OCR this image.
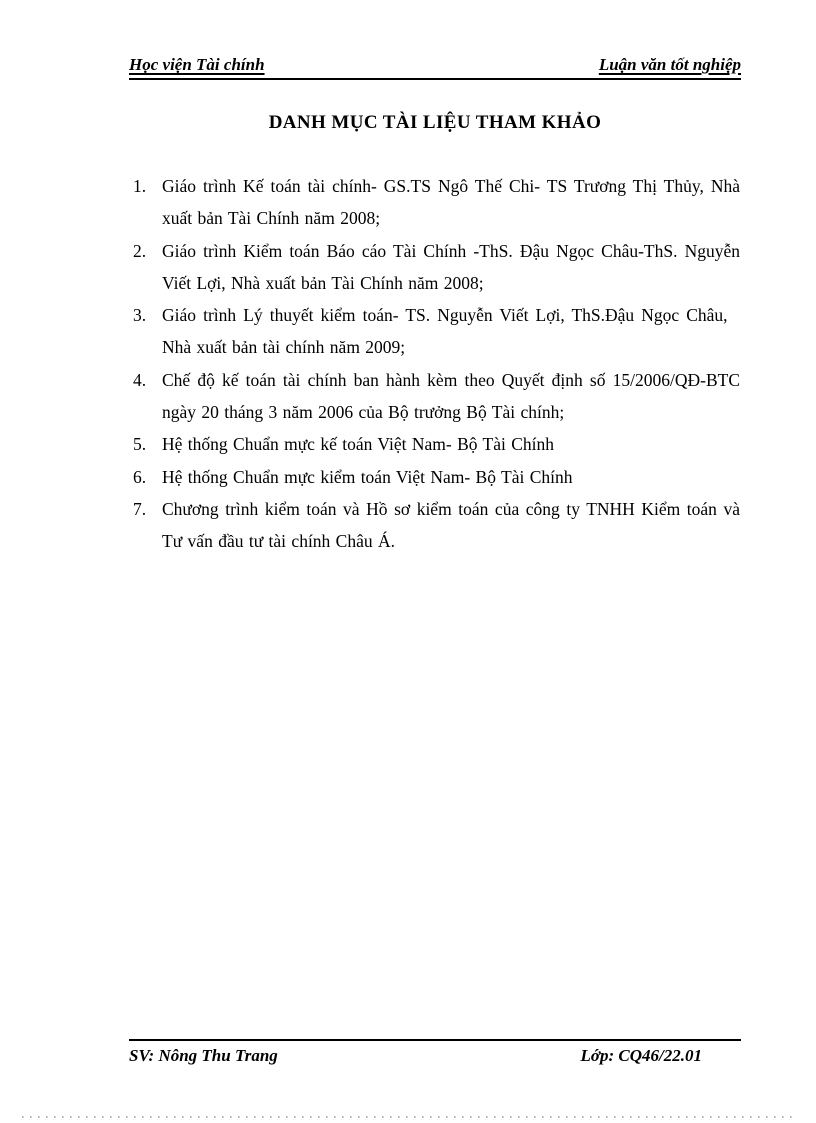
Học viện Tài chính	Luận văn tốt nghiệp
DANH MỤC TÀI LIỆU THAM KHẢO
1. Giáo trình Kế toán tài chính- GS.TS Ngô Thế Chi- TS Trương Thị Thủy, Nhà xuất bản Tài Chính năm 2008;
2. Giáo trình Kiểm toán Báo cáo Tài Chính -ThS. Đậu Ngọc Châu-ThS. Nguyễn Viết Lợi, Nhà xuất bản Tài Chính năm 2008;
3. Giáo trình Lý thuyết kiểm toán- TS. Nguyễn Viết Lợi, ThS.Đậu Ngọc Châu,   Nhà xuất bản tài chính năm 2009;
4. Chế độ kế toán tài chính ban hành kèm theo Quyết định số 15/2006/QĐ-BTC ngày 20 tháng 3 năm 2006 của Bộ trưởng Bộ Tài chính;
5. Hệ thống Chuẩn mực kế toán Việt Nam- Bộ Tài Chính
6. Hệ thống Chuẩn mực kiểm toán Việt Nam- Bộ Tài Chính
7. Chương trình kiểm toán và Hồ sơ kiểm toán của công ty TNHH Kiểm toán và Tư vấn đầu tư tài chính Châu Á.
SV: Nông Thu Trang	Lớp: CQ46/22.01
